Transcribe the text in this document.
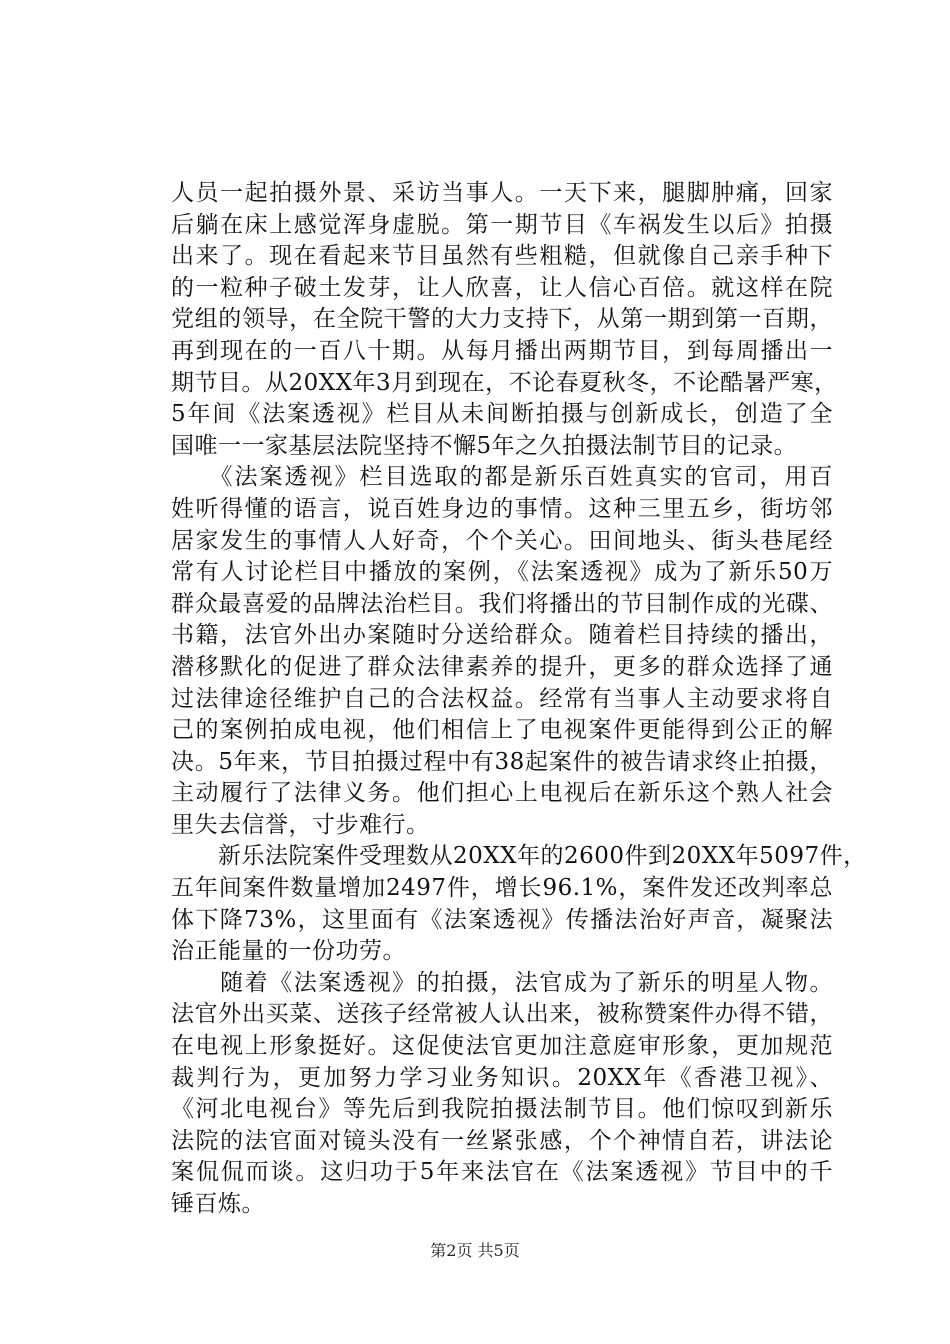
人员一起拍摄外景、采访当事人。一天下来，腿脚肿痛，回家
后躺在床上感觉浑身虚脱。第一期节目《车祸发生以后》拍摄
出来了。现在看起来节目虽然有些粗糙，但就像自己亲手种下
的一粒种子破土发芽，让人欣喜，让人信心百倍。就这样在院
党组的领导，在全院干警的大力支持下，从第一期到第一百期，
再到现在的一百八十期。从每月播出两期节目，到每周播出一
期节目。从20XX年3月到现在，不论春夏秋冬，不论酷暑严寒，
5年间《法案透视》栏目从未间断拍摄与创新成长，创造了全
国唯一一家基层法院坚持不懈5年之久拍摄法制节目的记录。
　　《法案透视》栏目选取的都是新乐百姓真实的官司，用百
姓听得懂的语言，说百姓身边的事情。这种三里五乡，街坊邻
居家发生的事情人人好奇，个个关心。田间地头、街头巷尾经
常有人讨论栏目中播放的案例，《法案透视》成为了新乐50万
群众最喜爱的品牌法治栏目。我们将播出的节目制作成的光碟、
书籍，法官外出办案随时分送给群众。随着栏目持续的播出，
潜移默化的促进了群众法律素养的提升，更多的群众选择了通
过法律途径维护自己的合法权益。经常有当事人主动要求将自
己的案例拍成电视，他们相信上了电视案件更能得到公正的解
决。5年来，节目拍摄过程中有38起案件的被告请求终止拍摄，
主动履行了法律义务。他们担心上电视后在新乐这个熟人社会
里失去信誉，寸步难行。
　　新乐法院案件受理数从20XX年的2600件到20XX年5097件，
五年间案件数量增加2497件，增长96.1%，案件发还改判率总
体下降73%，这里面有《法案透视》传播法治好声音，凝聚法
治正能量的一份功劳。
　　随着《法案透视》的拍摄，法官成为了新乐的明星人物。
法官外出买菜、送孩子经常被人认出来，被称赞案件办得不错，
在电视上形象挺好。这促使法官更加注意庭审形象，更加规范
裁判行为，更加努力学习业务知识。20XX年《香港卫视》、
《河北电视台》等先后到我院拍摄法制节目。他们惊叹到新乐
法院的法官面对镜头没有一丝紧张感，个个神情自若，讲法论
案侃侃而谈。这归功于5年来法官在《法案透视》节目中的千
锤百炼。
第2页 共5页
